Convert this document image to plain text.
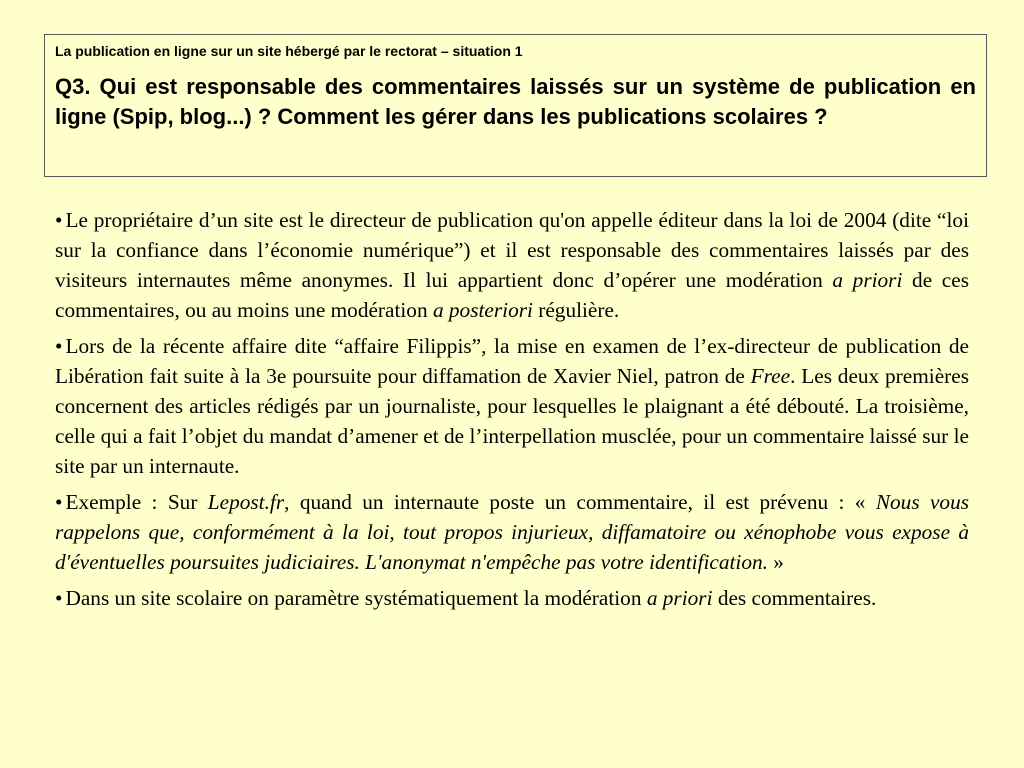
La publication en ligne sur un site hébergé par le rectorat – situation 1

Q3. Qui est responsable des commentaires laissés sur un système de publication en ligne (Spip, blog...) ? Comment les gérer dans les publications scolaires ?

• Le propriétaire d’un site est le directeur de publication qu'on appelle éditeur dans la loi de 2004 (dite “loi sur la confiance dans l’économie numérique”) et il est responsable des commentaires laissés par des visiteurs internautes même anonymes. Il lui appartient donc d’opérer une modération a priori de ces commentaires, ou au moins une modération a posteriori régulière.

• Lors de la récente affaire dite “affaire Filippis”, la mise en examen de l’ex-directeur de publication de Libération fait suite à la 3e poursuite pour diffamation de Xavier Niel, patron de Free. Les deux premières concernent des articles rédigés par un journaliste, pour lesquelles le plaignant a été débouté. La troisième, celle qui a fait l’objet du mandat d’amener et de l’interpellation musclée, pour un commentaire laissé sur le site par un internaute.

• Exemple : Sur Lepost.fr, quand un internaute poste un commentaire, il est prévenu : « Nous vous rappelons que, conformément à la loi, tout propos injurieux, diffamatoire ou xénophobe vous expose à d'éventuelles poursuites judiciaires. L'anonymat n'empêche pas votre identification. »

• Dans un site scolaire on paramètre systématiquement la modération a priori des commentaires.
